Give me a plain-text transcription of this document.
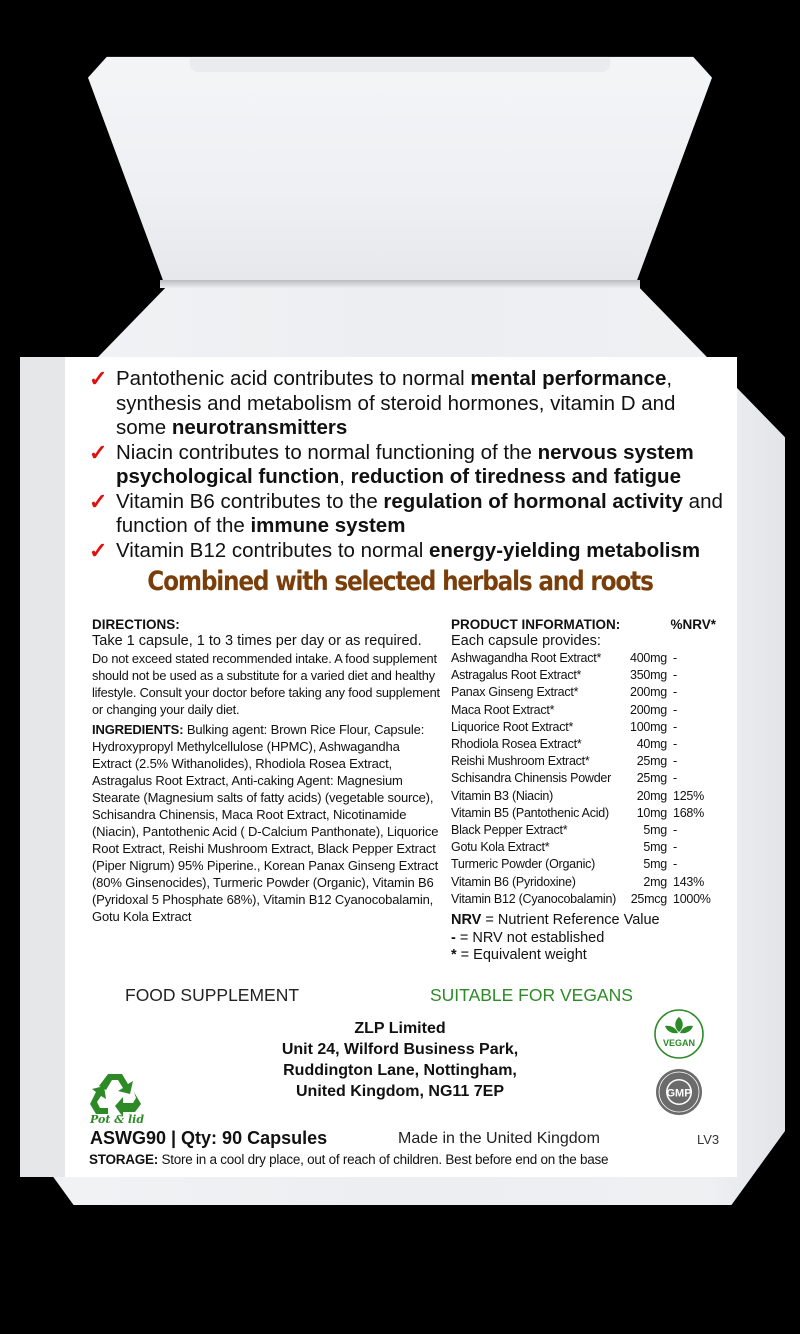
✓ Pantothenic acid contributes to normal mental performance, synthesis and metabolism of steroid hormones, vitamin D and some neurotransmitters
✓ Niacin contributes to normal functioning of the nervous system psychological function, reduction of tiredness and fatigue
✓ Vitamin B6 contributes to the regulation of hormonal activity and function of the immune system
✓ Vitamin B12 contributes to normal energy-yielding metabolism
Combined with selected herbals and roots
DIRECTIONS:
Take 1 capsule, 1 to 3 times per day or as required.
Do not exceed stated recommended intake. A food supplement should not be used as a substitute for a varied diet and healthy lifestyle. Consult your doctor before taking any food supplement or changing your daily diet.
INGREDIENTS: Bulking agent: Brown Rice Flour, Capsule: Hydroxypropyl Methylcellulose (HPMC), Ashwagandha Extract (2.5% Withanolides), Rhodiola Rosea Extract, Astragalus Root Extract, Anti-caking Agent: Magnesium Stearate (Magnesium salts of fatty acids) (vegetable source), Schisandra Chinensis, Maca Root Extract, Nicotinamide (Niacin), Pantothenic Acid ( D-Calcium Panthonate), Liquorice Root Extract, Reishi Mushroom Extract, Black Pepper Extract (Piper Nigrum) 95% Piperine., Korean Panax Ginseng Extract (80% Ginsenocides), Turmeric Powder (Organic), Vitamin B6 (Pyridoxal 5 Phosphate 68%), Vitamin B12 Cyanocobalamin, Gotu Kola Extract
PRODUCT INFORMATION:	%NRV*
Each capsule provides:
Ashwagandha Root Extract*	400mg -
Astragalus Root Extract*	350mg -
Panax Ginseng Extract*	200mg -
Maca Root Extract*	200mg -
Liquorice Root Extract*	100mg -
Rhodiola Rosea Extract*	40mg -
Reishi Mushroom Extract*	25mg -
Schisandra Chinensis Powder	25mg -
Vitamin B3 (Niacin)	20mg 125%
Vitamin B5 (Pantothenic Acid)	10mg 168%
Black Pepper Extract*	5mg -
Gotu Kola Extract*	5mg -
Turmeric Powder (Organic)	5mg -
Vitamin B6 (Pyridoxine)	2mg 143%
Vitamin B12 (Cyanocobalamin)	25mcg 1000%
NRV = Nutrient Reference Value
- = NRV not established
* = Equivalent weight
FOOD SUPPLEMENT	SUITABLE FOR VEGANS
ZLP Limited
Unit 24, Wilford Business Park,
Ruddington Lane, Nottingham,
United Kingdom, NG11 7EP
Pot & lid
VEGAN
GMP
ASWG90 | Qty: 90 Capsules	Made in the United Kingdom	LV3
STORAGE: Store in a cool dry place, out of reach of children. Best before end on the base
